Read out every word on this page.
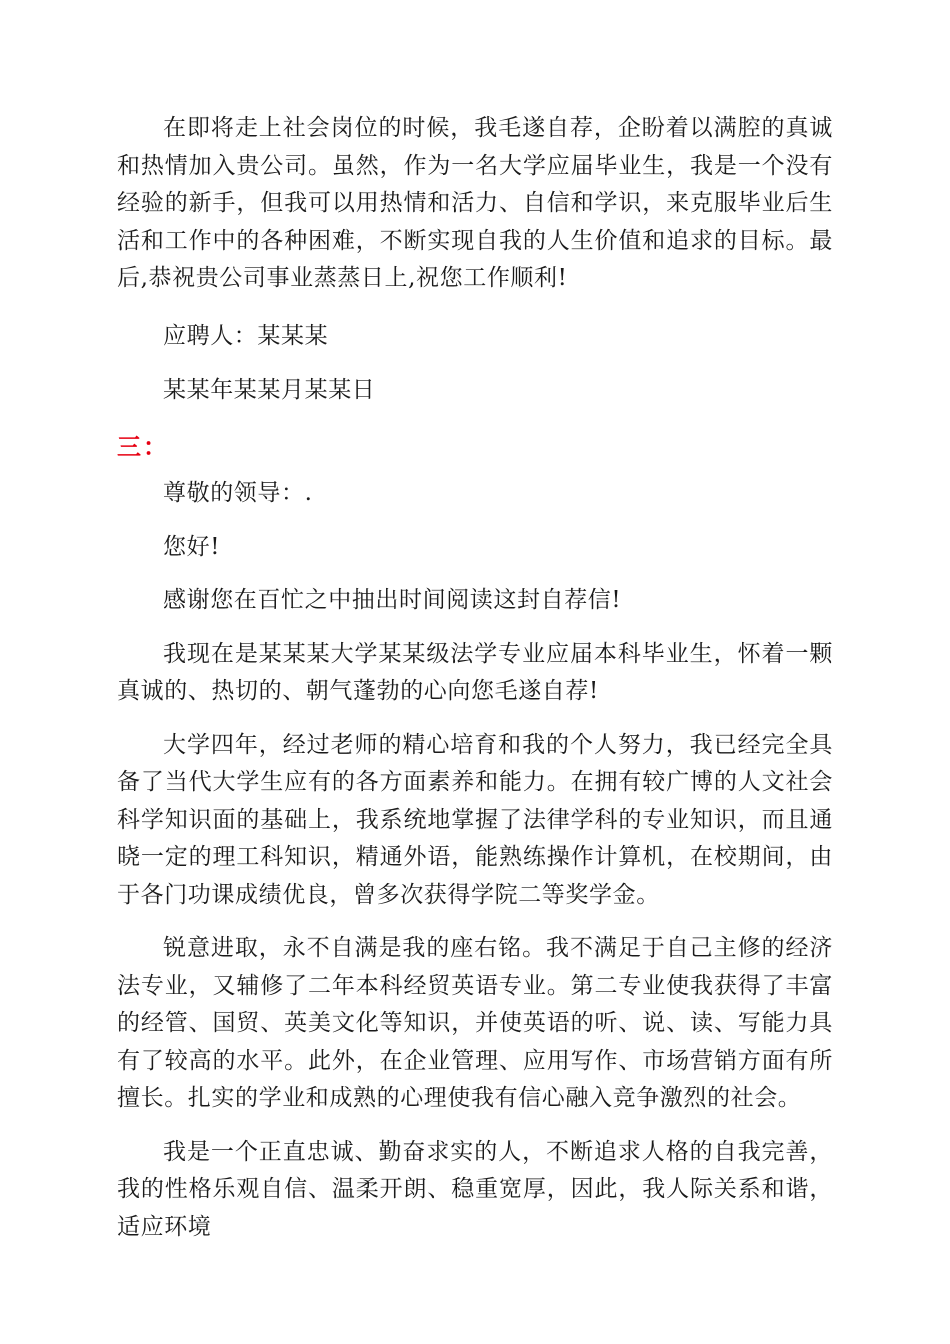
在即将走上社会岗位的时候，我毛遂自荐，企盼着以满腔的真诚和热情加入贵公司。虽然，作为一名大学应届毕业生，我是一个没有经验的新手，但我可以用热情和活力、自信和学识，来克服毕业后生活和工作中的各种困难，不断实现自我的人生价值和追求的目标。最后,恭祝贵公司事业蒸蒸日上,祝您工作顺利!

应聘人：某某某

某某年某某月某某日

尊敬的领导：.

您好!

感谢您在百忙之中抽出时间阅读这封自荐信!

我现在是某某某大学某某级法学专业应届本科毕业生，怀着一颗真诚的、热切的、朝气蓬勃的心向您毛遂自荐!

大学四年，经过老师的精心培育和我的个人努力，我已经完全具备了当代大学生应有的各方面素养和能力。在拥有较广博的人文社会科学知识面的基础上，我系统地掌握了法律学科的专业知识，而且通晓一定的理工科知识，精通外语，能熟练操作计算机，在校期间，由于各门功课成绩优良，曾多次获得学院二等奖学金。

锐意进取，永不自满是我的座右铭。我不满足于自己主修的经济法专业，又辅修了二年本科经贸英语专业。第二专业使我获得了丰富的经管、国贸、英美文化等知识，并使英语的听、说、读、写能力具有了较高的水平。此外，在企业管理、应用写作、市场营销方面有所擅长。扎实的学业和成熟的心理使我有信心融入竞争激烈的社会。

我是一个正直忠诚、勤奋求实的人，不断追求人格的自我完善，我的性格乐观自信、温柔开朗、稳重宽厚，因此，我人际关系和谐，适应环境

三：
